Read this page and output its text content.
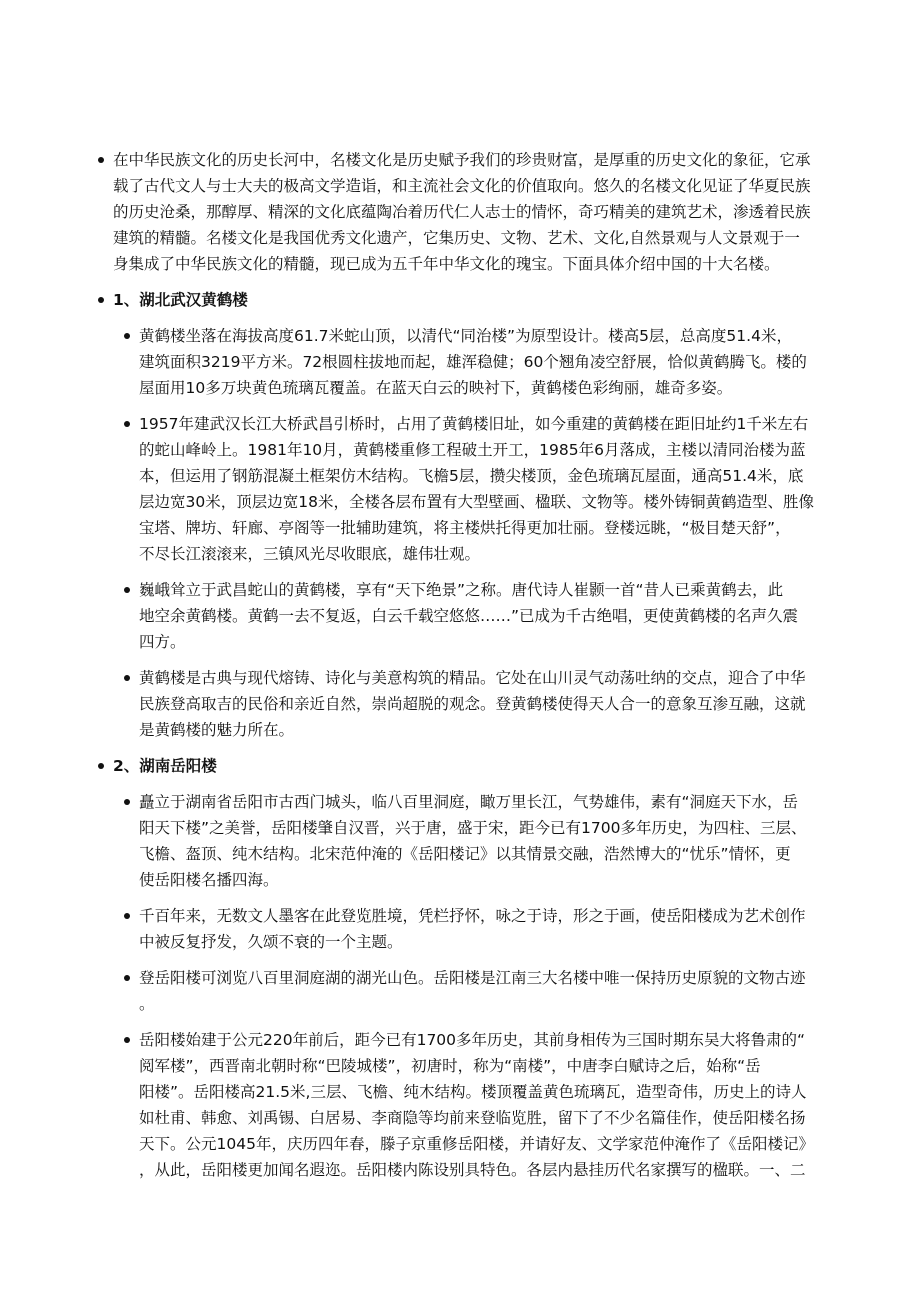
在中华民族文化的历史长河中，名楼文化是历史赋予我们的珍贵财富，是厚重的历史文化的象征，它承
载了古代文人与士大夫的极高文学造诣，和主流社会文化的价值取向。悠久的名楼文化见证了华夏民族
的历史沧桑，那醇厚、精深的文化底蕴陶冶着历代仁人志士的情怀，奇巧精美的建筑艺术，渗透着民族
建筑的精髓。名楼文化是我国优秀文化遗产，它集历史、文物、艺术、文化,自然景观与人文景观于一
身集成了中华民族文化的精髓，现已成为五千年中华文化的瑰宝。下面具体介绍中国的十大名楼。
1、湖北武汉黄鹤楼
黄鹤楼坐落在海拔高度61.7米蛇山顶，以清代“同治楼”为原型设计。楼高5层，总高度51.4米，
建筑面积3219平方米。72根圆柱拔地而起，雄浑稳健；60个翘角凌空舒展，恰似黄鹤腾飞。楼的
屋面用10多万块黄色琉璃瓦覆盖。在蓝天白云的映衬下，黄鹤楼色彩绚丽，雄奇多姿。
1957年建武汉长江大桥武昌引桥时，占用了黄鹤楼旧址，如今重建的黄鹤楼在距旧址约1千米左右
的蛇山峰岭上。1981年10月，黄鹤楼重修工程破土开工，1985年6月落成，主楼以清同治楼为蓝
本，但运用了钢筋混凝土框架仿木结构。飞檐5层，攒尖楼顶，金色琉璃瓦屋面，通高51.4米，底
层边宽30米，顶层边宽18米，全楼各层布置有大型壁画、楹联、文物等。楼外铸铜黄鹤造型、胜像
宝塔、牌坊、轩廊、亭阁等一批辅助建筑，将主楼烘托得更加壮丽。登楼远眺，“极目楚天舒”，
不尽长江滚滚来，三镇风光尽收眼底，雄伟壮观。
巍峨耸立于武昌蛇山的黄鹤楼，享有“天下绝景”之称。唐代诗人崔颢一首“昔人已乘黄鹤去，此
地空余黄鹤楼。黄鹤一去不复返，白云千载空悠悠……”已成为千古绝唱，更使黄鹤楼的名声久震
四方。
黄鹤楼是古典与现代熔铸、诗化与美意构筑的精品。它处在山川灵气动荡吐纳的交点，迎合了中华
民族登高取吉的民俗和亲近自然，崇尚超脱的观念。登黄鹤楼使得天人合一的意象互渗互融，这就
是黄鹤楼的魅力所在。
2、湖南岳阳楼
矗立于湖南省岳阳市古西门城头，临八百里洞庭，瞰万里长江，气势雄伟，素有“洞庭天下水，岳
阳天下楼”之美誉，岳阳楼肇自汉晋，兴于唐，盛于宋，距今已有1700多年历史，为四柱、三层、
飞檐、盔顶、纯木结构。北宋范仲淹的《岳阳楼记》以其情景交融，浩然博大的“忧乐”情怀，更
使岳阳楼名播四海。
千百年来，无数文人墨客在此登览胜境，凭栏抒怀，咏之于诗，形之于画，使岳阳楼成为艺术创作
中被反复抒发，久颂不衰的一个主题。
登岳阳楼可浏览八百里洞庭湖的湖光山色。岳阳楼是江南三大名楼中唯一保持历史原貌的文物古迹
。
岳阳楼始建于公元220年前后，距今已有1700多年历史，其前身相传为三国时期东吴大将鲁肃的“
阅军楼”，西晋南北朝时称“巴陵城楼”，初唐时，称为“南楼”，中唐李白赋诗之后，始称“岳
阳楼”。岳阳楼高21.5米,三层、飞檐、纯木结构。楼顶覆盖黄色琉璃瓦，造型奇伟，历史上的诗人
如杜甫、韩愈、刘禹锡、白居易、李商隐等均前来登临览胜，留下了不少名篇佳作，使岳阳楼名扬
天下。公元1045年，庆历四年春，滕子京重修岳阳楼，并请好友、文学家范仲淹作了《岳阳楼记》
，从此，岳阳楼更加闻名遐迩。岳阳楼内陈设别具特色。各层内悬挂历代名家撰写的楹联。一、二
